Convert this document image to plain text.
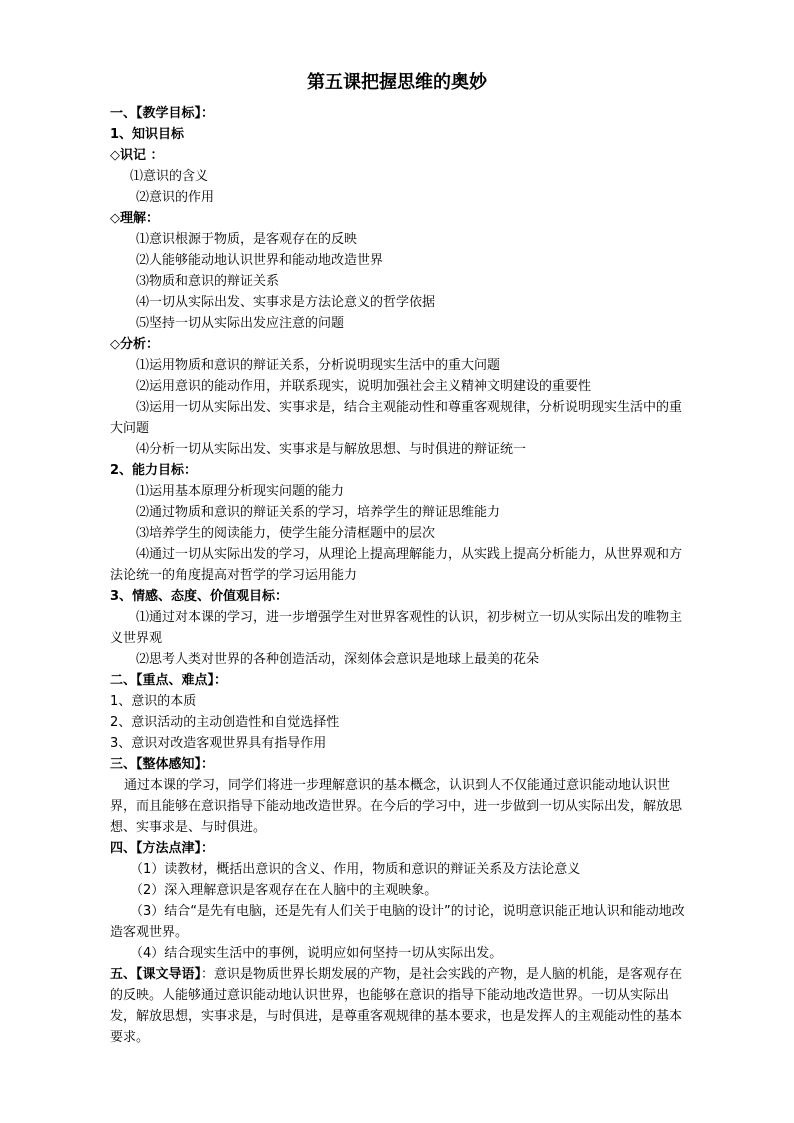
第五课把握思维的奥妙
一、【教学目标】：
1、知识目标
◇识记 ：
⑴意识的含义
⑵意识的作用
◇理解：
⑴意识根源于物质，是客观存在的反映
⑵人能够能动地认识世界和能动地改造世界
⑶物质和意识的辩证关系
⑷一切从实际出发、实事求是方法论意义的哲学依据
⑸坚持一切从实际出发应注意的问题
◇分析：
⑴运用物质和意识的辩证关系，分析说明现实生活中的重大问题
⑵运用意识的能动作用，并联系现实，说明加强社会主义精神文明建设的重要性
⑶运用一切从实际出发、实事求是，结合主观能动性和尊重客观规律，分析说明现实生活中的重大问题
⑷分析一切从实际出发、实事求是与解放思想、与时俱进的辩证统一
2、能力目标：
⑴运用基本原理分析现实问题的能力
⑵通过物质和意识的辩证关系的学习，培养学生的辩证思维能力
⑶培养学生的阅读能力，使学生能分清框题中的层次
⑷通过一切从实际出发的学习，从理论上提高理解能力，从实践上提高分析能力，从世界观和方法论统一的角度提高对哲学的学习运用能力
3、情感、态度、价值观目标：
⑴通过对本课的学习，进一步增强学生对世界客观性的认识，初步树立一切从实际出发的唯物主义世界观
⑵思考人类对世界的各种创造活动，深刻体会意识是地球上最美的花朵
二、【重点、难点】：
1、意识的本质
2、意识活动的主动创造性和自觉选择性
3、意识对改造客观世界具有指导作用
三、【整体感知】：
通过本课的学习，同学们将进一步理解意识的基本概念，认识到人不仅能通过意识能动地认识世界，而且能够在意识指导下能动地改造世界。在今后的学习中，进一步做到一切从实际出发，解放思想、实事求是、与时俱进。
四、【方法点津】：
（1）读教材，概括出意识的含义、作用，物质和意识的辩证关系及方法论意义
（2）深入理解意识是客观存在在人脑中的主观映象。
（3）结合“是先有电脑，还是先有人们关于电脑的设计”的讨论，说明意识能正地认识和能动地改造客观世界。
（4）结合现实生活中的事例，说明应如何坚持一切从实际出发。
五、【课文导语】：意识是物质世界长期发展的产物，是社会实践的产物，是人脑的机能，是客观存在的反映。人能够通过意识能动地认识世界，也能够在意识的指导下能动地改造世界。一切从实际出发，解放思想，实事求是，与时俱进，是尊重客观规律的基本要求，也是发挥人的主观能动性的基本要求。
